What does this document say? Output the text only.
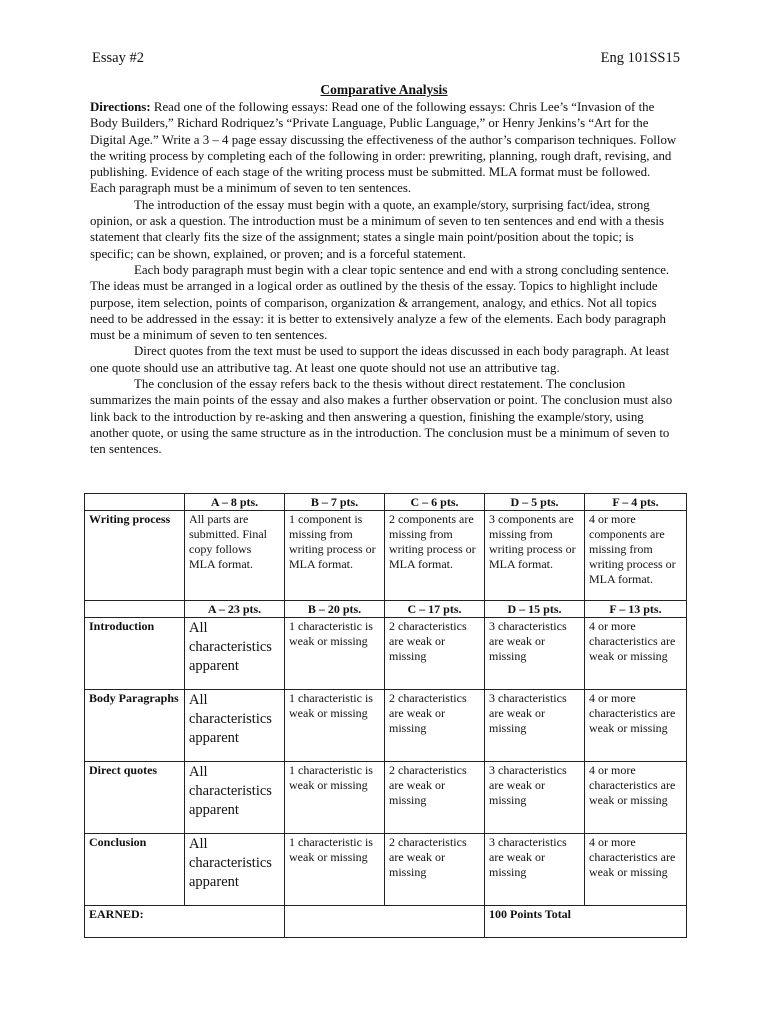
Essay #2	Eng 101SS15
Comparative Analysis

Directions: Read one of the following essays: Read one of the following essays: Chris Lee’s “Invasion of the Body Builders,” Richard Rodriquez’s “Private Language, Public Language,” or Henry Jenkins’s “Art for the Digital Age.” Write a 3 – 4 page essay discussing the effectiveness of the author’s comparison techniques. Follow the writing process by completing each of the following in order: prewriting, planning, rough draft, revising, and publishing. Evidence of each stage of the writing process must be submitted. MLA format must be followed. Each paragraph must be a minimum of seven to ten sentences.

The introduction of the essay must begin with a quote, an example/story, surprising fact/idea, strong opinion, or ask a question. The introduction must be a minimum of seven to ten sentences and end with a thesis statement that clearly fits the size of the assignment; states a single main point/position about the topic; is specific; can be shown, explained, or proven; and is a forceful statement.

Each body paragraph must begin with a clear topic sentence and end with a strong concluding sentence. The ideas must be arranged in a logical order as outlined by the thesis of the essay. Topics to highlight include purpose, item selection, points of comparison, organization & arrangement, analogy, and ethics. Not all topics need to be addressed in the essay: it is better to extensively analyze a few of the elements. Each body paragraph must be a minimum of seven to ten sentences.

Direct quotes from the text must be used to support the ideas discussed in each body paragraph. At least one quote should use an attributive tag. At least one quote should not use an attributive tag.

The conclusion of the essay refers back to the thesis without direct restatement. The conclusion summarizes the main points of the essay and also makes a further observation or point. The conclusion must also link back to the introduction by re-asking and then answering a question, finishing the example/story, using another quote, or using the same structure as in the introduction. The conclusion must be a minimum of seven to ten sentences.

	A – 8 pts.	B – 7 pts.	C – 6 pts.	D – 5 pts.	F – 4 pts.
Writing process	All parts are submitted. Final copy follows MLA format.	1 component is missing from writing process or MLA format.	2 components are missing from writing process or MLA format.	3 components are missing from writing process or MLA format.	4 or more components are missing from writing process or MLA format.
	A – 23 pts.	B – 20 pts.	C – 17 pts.	D – 15 pts.	F – 13 pts.
Introduction	All characteristics apparent	1 characteristic is weak or missing	2 characteristics are weak or missing	3 characteristics are weak or missing	4 or more characteristics are weak or missing
Body Paragraphs	All characteristics apparent	1 characteristic is weak or missing	2 characteristics are weak or missing	3 characteristics are weak or missing	4 or more characteristics are weak or missing
Direct quotes	All characteristics apparent	1 characteristic is weak or missing	2 characteristics are weak or missing	3 characteristics are weak or missing	4 or more characteristics are weak or missing
Conclusion	All characteristics apparent	1 characteristic is weak or missing	2 characteristics are weak or missing	3 characteristics are weak or missing	4 or more characteristics are weak or missing
EARNED:				100 Points Total	
